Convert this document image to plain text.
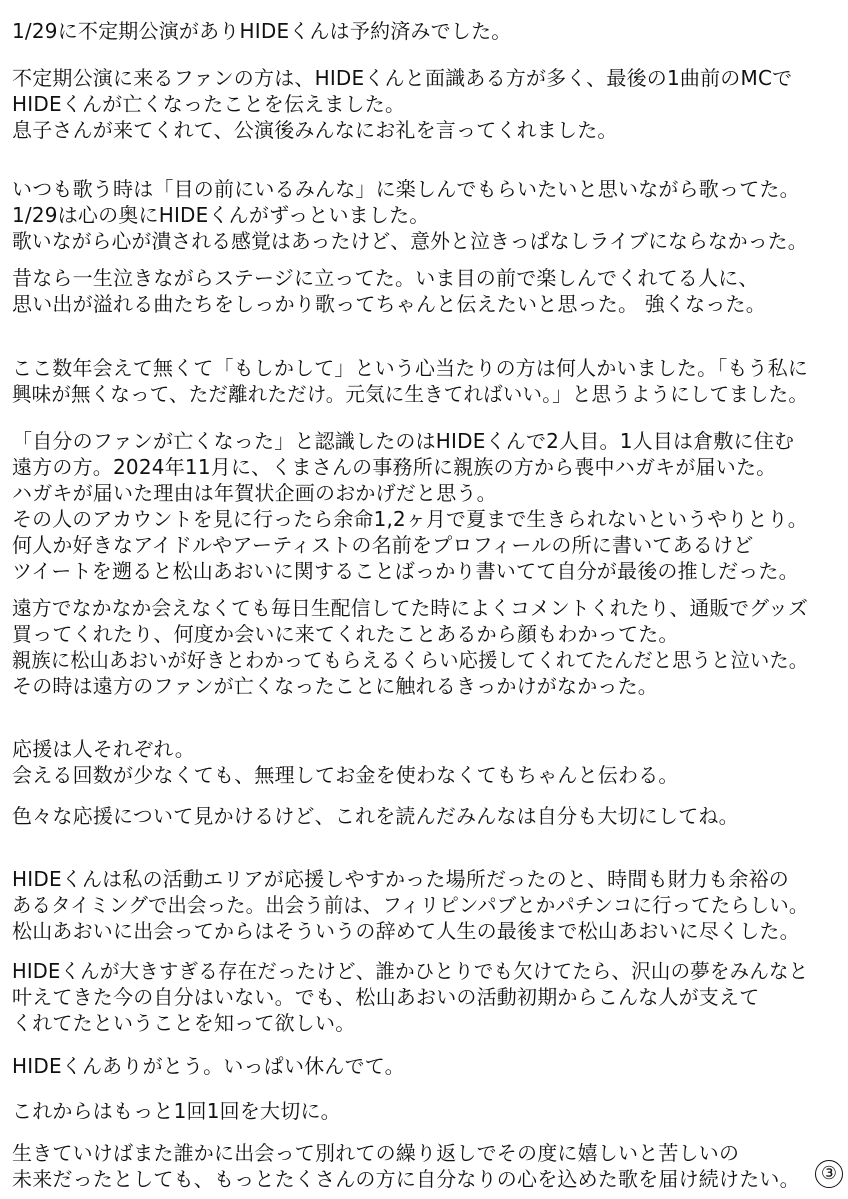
1/29に不定期公演がありHIDEくんは予約済みでした。
不定期公演に来るファンの方は、HIDEくんと面識ある方が多く、最後の1曲前のMCで
HIDEくんが亡くなったことを伝えました。
息子さんが来てくれて、公演後みんなにお礼を言ってくれました。
いつも歌う時は「目の前にいるみんな」に楽しんでもらいたいと思いながら歌ってた。
1/29は心の奥にHIDEくんがずっといました。
歌いながら心が潰される感覚はあったけど、意外と泣きっぱなしライブにならなかった。
昔なら一生泣きながらステージに立ってた。いま目の前で楽しんでくれてる人に、
思い出が溢れる曲たちをしっかり歌ってちゃんと伝えたいと思った。 強くなった。
ここ数年会えて無くて「もしかして」という心当たりの方は何人かいました。「もう私に
興味が無くなって、ただ離れただけ。元気に生きてればいい。」と思うようにしてました。
「自分のファンが亡くなった」と認識したのはHIDEくんで2人目。1人目は倉敷に住む
遠方の方。2024年11月に、くまさんの事務所に親族の方から喪中ハガキが届いた。
ハガキが届いた理由は年賀状企画のおかげだと思う。
その人のアカウントを見に行ったら余命1,2ヶ月で夏まで生きられないというやりとり。
何人か好きなアイドルやアーティストの名前をプロフィールの所に書いてあるけど
ツイートを遡ると松山あおいに関することばっかり書いてて自分が最後の推しだった。
遠方でなかなか会えなくても毎日生配信してた時によくコメントくれたり、通販でグッズ
買ってくれたり、何度か会いに来てくれたことあるから顔もわかってた。
親族に松山あおいが好きとわかってもらえるくらい応援してくれてたんだと思うと泣いた。
その時は遠方のファンが亡くなったことに触れるきっかけがなかった。
応援は人それぞれ。
会える回数が少なくても、無理してお金を使わなくてもちゃんと伝わる。
色々な応援について見かけるけど、これを読んだみんなは自分も大切にしてね。
HIDEくんは私の活動エリアが応援しやすかった場所だったのと、時間も財力も余裕の
あるタイミングで出会った。出会う前は、フィリピンパブとかパチンコに行ってたらしい。
松山あおいに出会ってからはそういうの辞めて人生の最後まで松山あおいに尽くした。
HIDEくんが大きすぎる存在だったけど、誰かひとりでも欠けてたら、沢山の夢をみんなと
叶えてきた今の自分はいない。でも、松山あおいの活動初期からこんな人が支えて
くれてたということを知って欲しい。
HIDEくんありがとう。いっぱい休んでて。
これからはもっと1回1回を大切に。
生きていけばまた誰かに出会って別れての繰り返しでその度に嬉しいと苦しいの
未来だったとしても、もっとたくさんの方に自分なりの心を込めた歌を届け続けたい。	③
